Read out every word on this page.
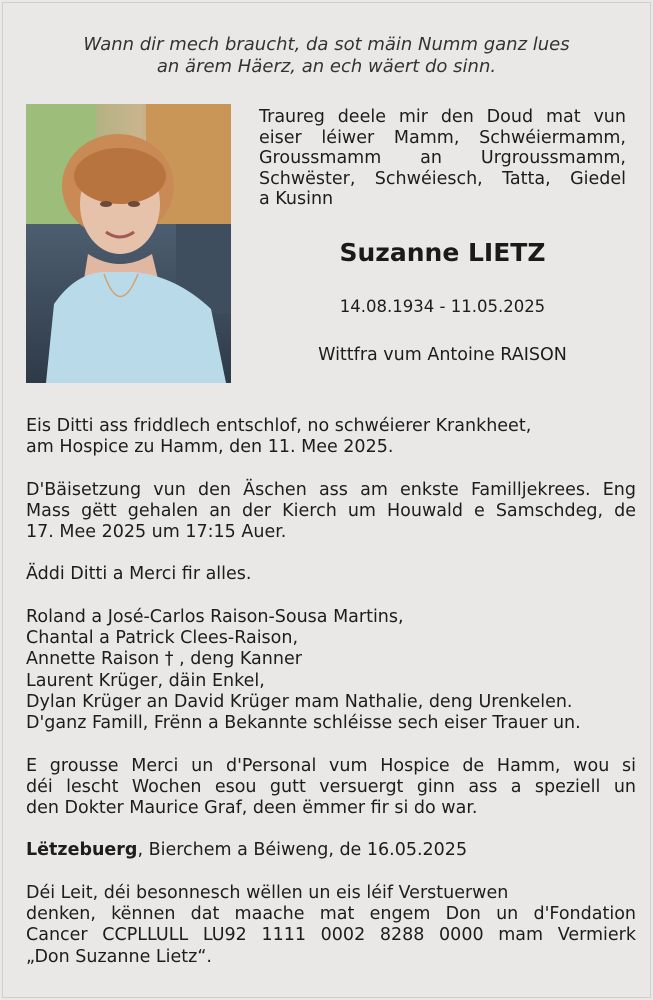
Wann dir mech braucht, da sot mäin Numm ganz lues
an ärem Häerz, an ech wäert do sinn.
Traureg deele mir den Doud mat vun
eiser léiwer Mamm, Schwéiermamm,
Groussmamm an Urgroussmamm,
Schwëster, Schwéiesch, Tatta, Giedel
a Kusinn
Suzanne LIETZ
14.08.1934 - 11.05.2025
Wittfra vum Antoine RAISON

Eis Ditti ass friddlech entschlof, no schwéierer Krankheet,
am Hospice zu Hamm, den 11. Mee 2025.

D'Bäisetzung vun den Äschen ass am enkste Familljekrees. Eng
Mass gëtt gehalen an der Kierch um Houwald e Samschdeg, de
17. Mee 2025 um 17:15 Auer.

Äddi Ditti a Merci fir alles.

Roland a José-Carlos Raison-Sousa Martins,
Chantal a Patrick Clees-Raison,
Annette Raison † , deng Kanner
Laurent Krüger, däin Enkel,
Dylan Krüger an David Krüger mam Nathalie, deng Urenkelen.
D'ganz Famill, Frënn a Bekannte schléisse sech eiser Trauer un.

E grousse Merci un d'Personal vum Hospice de Hamm, wou si
déi lescht Wochen esou gutt versuergt ginn ass a speziell un
den Dokter Maurice Graf, deen ëmmer fir si do war.

Lëtzebuerg, Bierchem a Béiweng, de 16.05.2025

Déi Leit, déi besonnesch wëllen un eis léif Verstuerwen
denken, kënnen dat maache mat engem Don un d'Fondation
Cancer CCPLLULL LU92 1111 0002 8288 0000 mam Vermierk
„Don Suzanne Lietz“.
